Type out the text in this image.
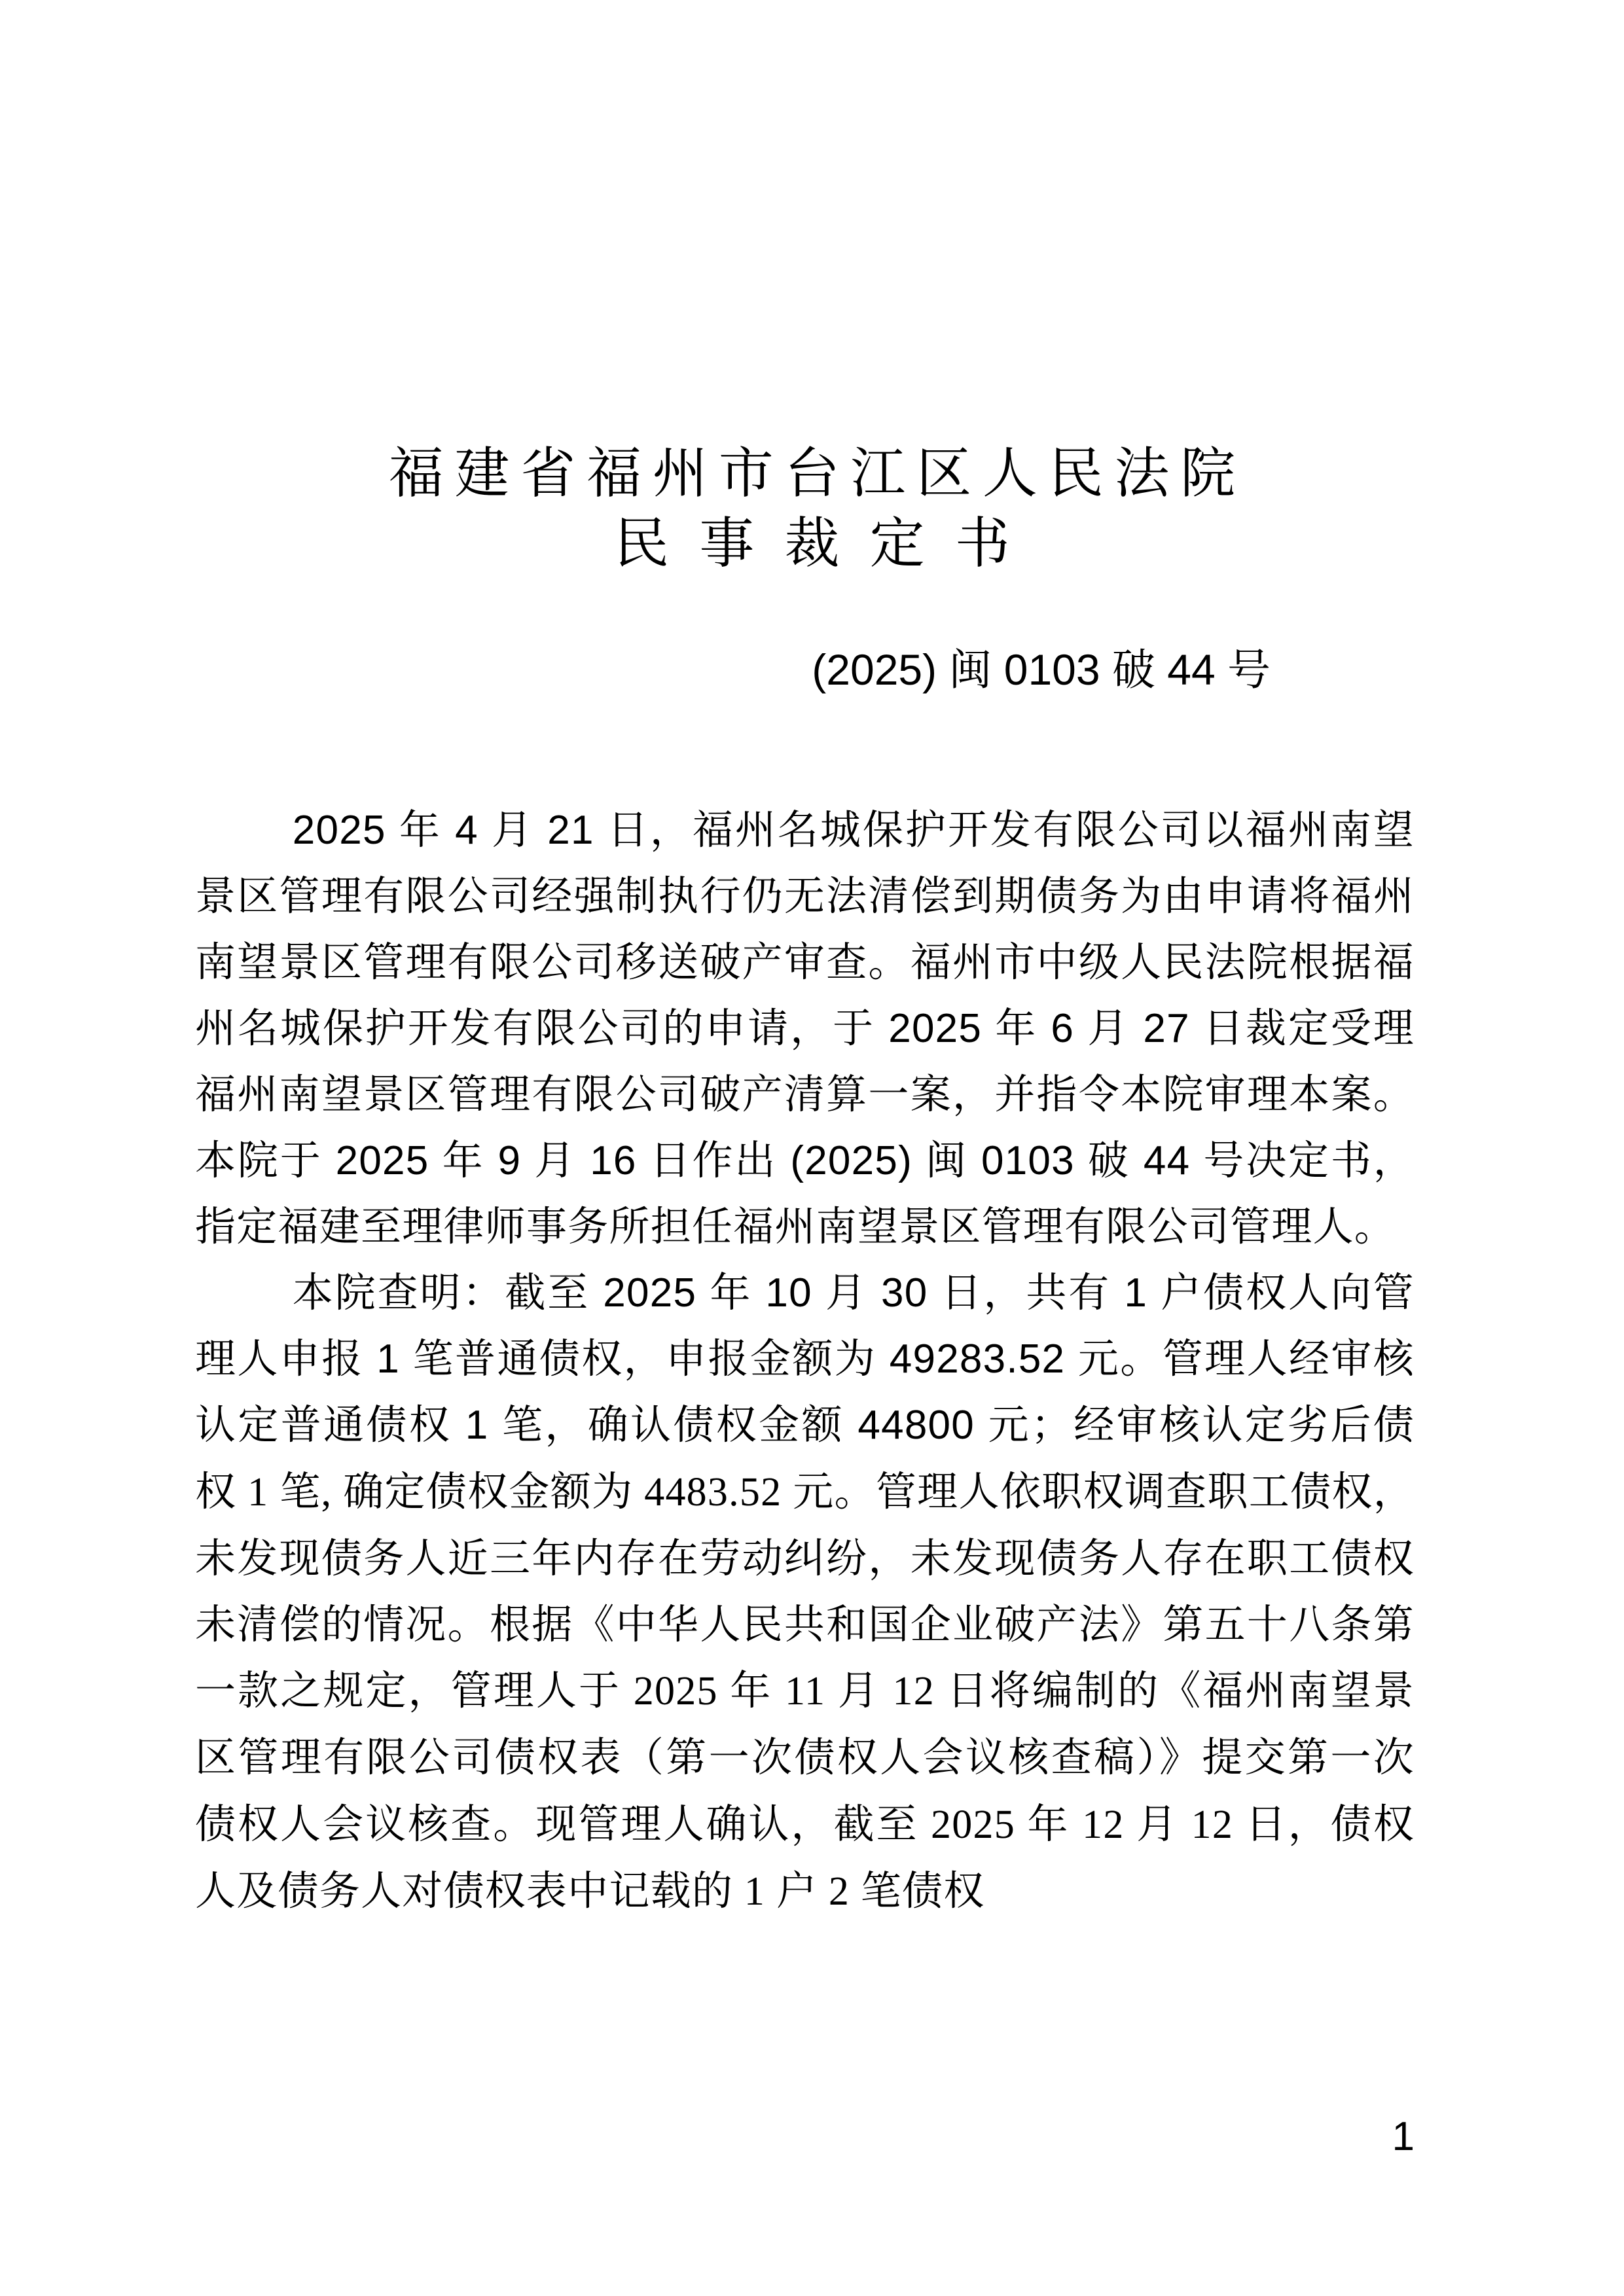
福建省福州市台江区人民法院
民事裁定书
(2025) 闽 0103 破 44 号

2025 年 4 月 21 日，福州名城保护开发有限公司以福州南望景区管理有限公司经强制执行仍无法清偿到期债务为由申请将福州南望景区管理有限公司移送破产审查。福州市中级人民法院根据福州名城保护开发有限公司的申请，于 2025 年 6 月 27 日裁定受理福州南望景区管理有限公司破产清算一案，并指令本院审理本案。本院于 2025 年 9 月 16 日作出 (2025) 闽 0103 破 44 号决定书，指定福建至理律师事务所担任福州南望景区管理有限公司管理人。

本院查明：截至 2025 年 10 月 30 日，共有 1 户债权人向管理人申报 1 笔普通债权，申报金额为 49283.52 元。管理人经审核认定普通债权 1 笔，确认债权金额 44800 元；经审核认定劣后债权 1 笔, 确定债权金额为 4483.52 元。管理人依职权调查职工债权，未发现债务人近三年内存在劳动纠纷，未发现债务人存在职工债权未清偿的情况。根据《中华人民共和国企业破产法》第五十八条第一款之规定，管理人于 2025 年 11 月 12 日将编制的《福州南望景区管理有限公司债权表（第一次债权人会议核查稿）》提交第一次债权人会议核查。现管理人确认，截至 2025 年 12 月 12 日，债权人及债务人对债权表中记载的 1 户 2 笔债权

1
